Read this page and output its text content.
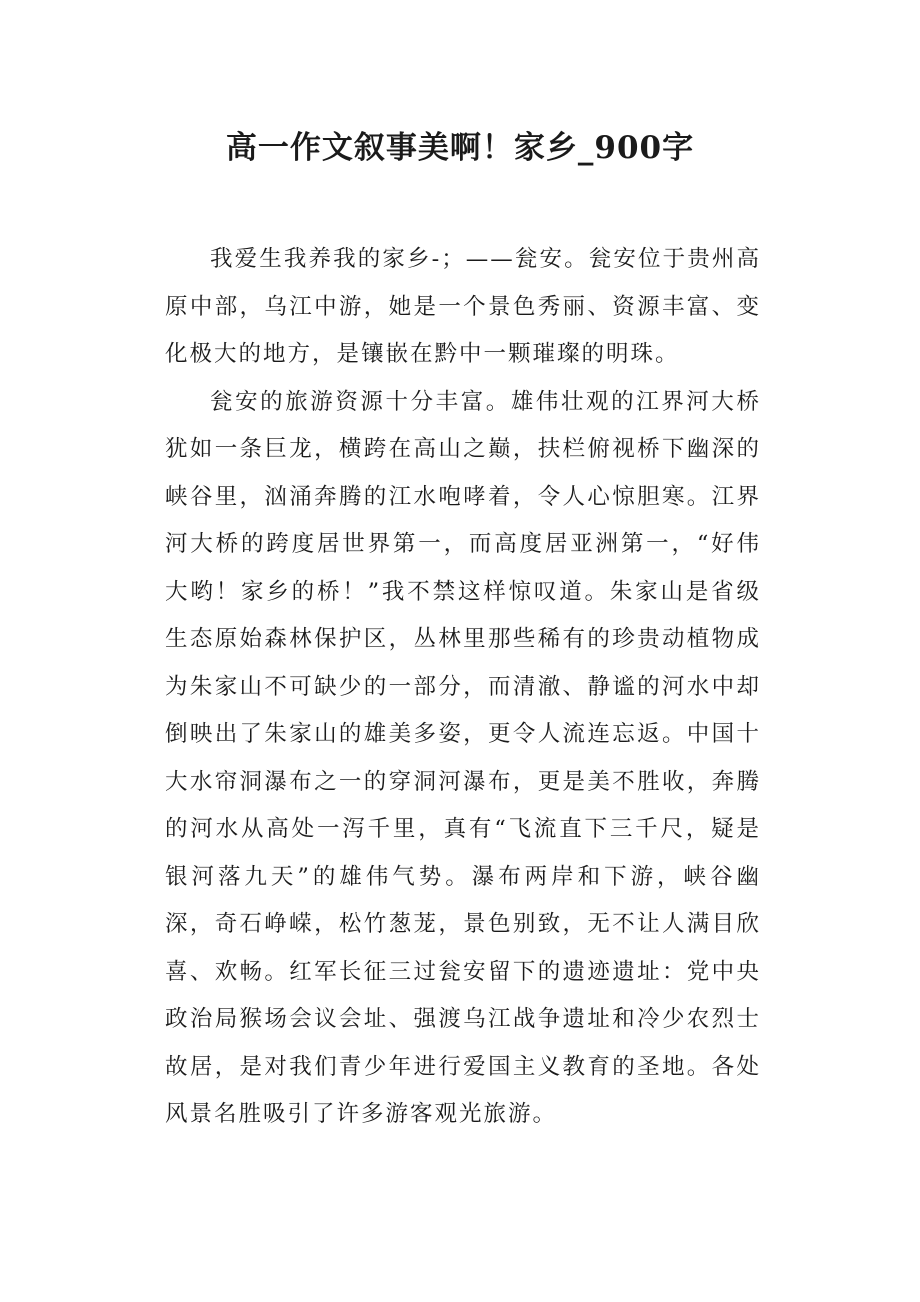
高一作文叙事美啊！家乡_900字

我爱生我养我的家乡-；——瓮安。瓮安位于贵州高原中部，乌江中游，她是一个景色秀丽、资源丰富、变化极大的地方，是镶嵌在黔中一颗璀璨的明珠。

瓮安的旅游资源十分丰富。雄伟壮观的江界河大桥犹如一条巨龙，横跨在高山之巅，扶栏俯视桥下幽深的峡谷里，汹涌奔腾的江水咆哮着，令人心惊胆寒。江界河大桥的跨度居世界第一，而高度居亚洲第一，“好伟大哟！家乡的桥！”我不禁这样惊叹道。朱家山是省级生态原始森林保护区，丛林里那些稀有的珍贵动植物成为朱家山不可缺少的一部分，而清澈、静谧的河水中却倒映出了朱家山的雄美多姿，更令人流连忘返。中国十大水帘洞瀑布之一的穿洞河瀑布，更是美不胜收，奔腾的河水从高处一泻千里，真有“飞流直下三千尺，疑是银河落九天”的雄伟气势。瀑布两岸和下游，峡谷幽深，奇石峥嵘，松竹葱茏，景色别致，无不让人满目欣喜、欢畅。红军长征三过瓮安留下的遗迹遗址：党中央政治局猴场会议会址、强渡乌江战争遗址和冷少农烈士故居，是对我们青少年进行爱国主义教育的圣地。各处风景名胜吸引了许多游客观光旅游。
